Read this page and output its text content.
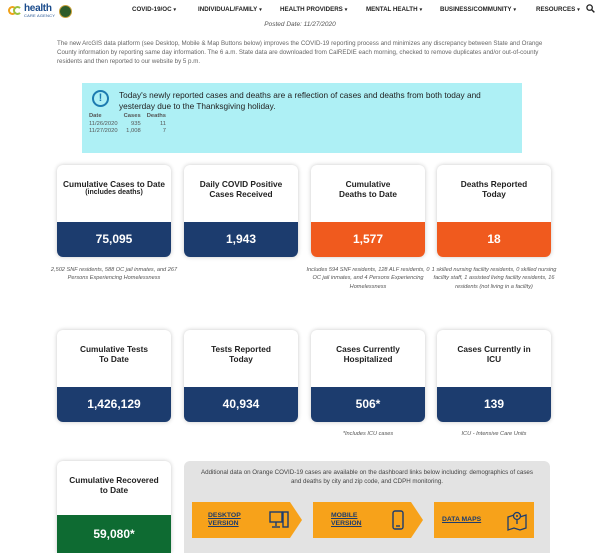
health
CARE AGENCY
COVID-19/OC ▾	INDIVIDUAL/FAMILY ▾	HEALTH PROVIDERS ▾	MENTAL HEALTH ▾	BUSINESS/COMMUNITY ▾	RESOURCES ▾
Posted Date: 11/27/2020
The new ArcGIS data platform (see Desktop, Mobile & Map Buttons below) improves the COVID-19 reporting process and minimizes any discrepancy between State and Orange County information by reporting same day information. The 6 a.m. State data are downloaded from CalREDIE each morning, checked to remove duplicates and/or out-of-county residents and then reported to our website by 5 p.m.
!	Today's newly reported cases and deaths are a reflection of cases and deaths from both today and yesterday due to the Thanksgiving holiday.
Date	Cases	Deaths
11/26/2020	935	11
11/27/2020	1,008	7
Cumulative Cases to Date
(includes deaths)
75,095
Daily COVID Positive Cases Received
1,943
Cumulative Deaths to Date
1,577
Deaths Reported Today
18
2,502 SNF residents, 588 OC jail inmates, and 267 Persons Experiencing Homelessness
Includes 594 SNF residents, 128 ALF residents, 0 OC jail inmates, and 4 Persons Experiencing Homelessness
1 skilled nursing facility residents, 0 skilled nursing facility staff, 1 assisted living facility residents, 16 residents (not living in a facility)
Cumulative Tests To Date
1,426,129
Tests Reported Today
40,934
Cases Currently Hospitalized
506*
Cases Currently in ICU
139
*Includes ICU cases	ICU - Intensive Care Units
Cumulative Recovered to Date
59,080*
Additional data on Orange COVID-19 cases are available on the dashboard links below including: demographics of cases and deaths by city and zip code, and CDPH monitoring.
DESKTOP VERSION
MOBILE VERSION
DATA MAPS
